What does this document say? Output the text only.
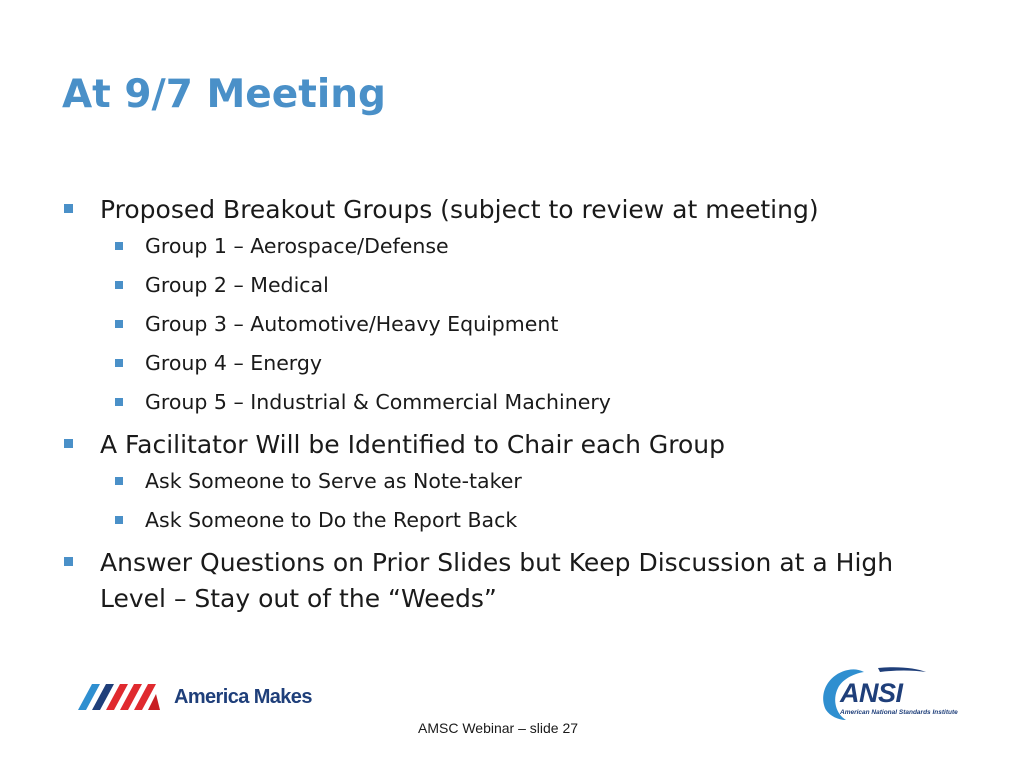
At 9/7 Meeting
Proposed Breakout Groups (subject to review at meeting)
Group 1 – Aerospace/Defense
Group 2 – Medical
Group 3 – Automotive/Heavy Equipment
Group 4 – Energy
Group 5 – Industrial & Commercial Machinery
A Facilitator Will be Identified to Chair each Group
Ask Someone to Serve as Note-taker
Ask Someone to Do the Report Back
Answer Questions on Prior Slides but Keep Discussion at a High Level – Stay out of the “Weeds”
America Makes	ANSI
American National Standards Institute
AMSC Webinar – slide 27
